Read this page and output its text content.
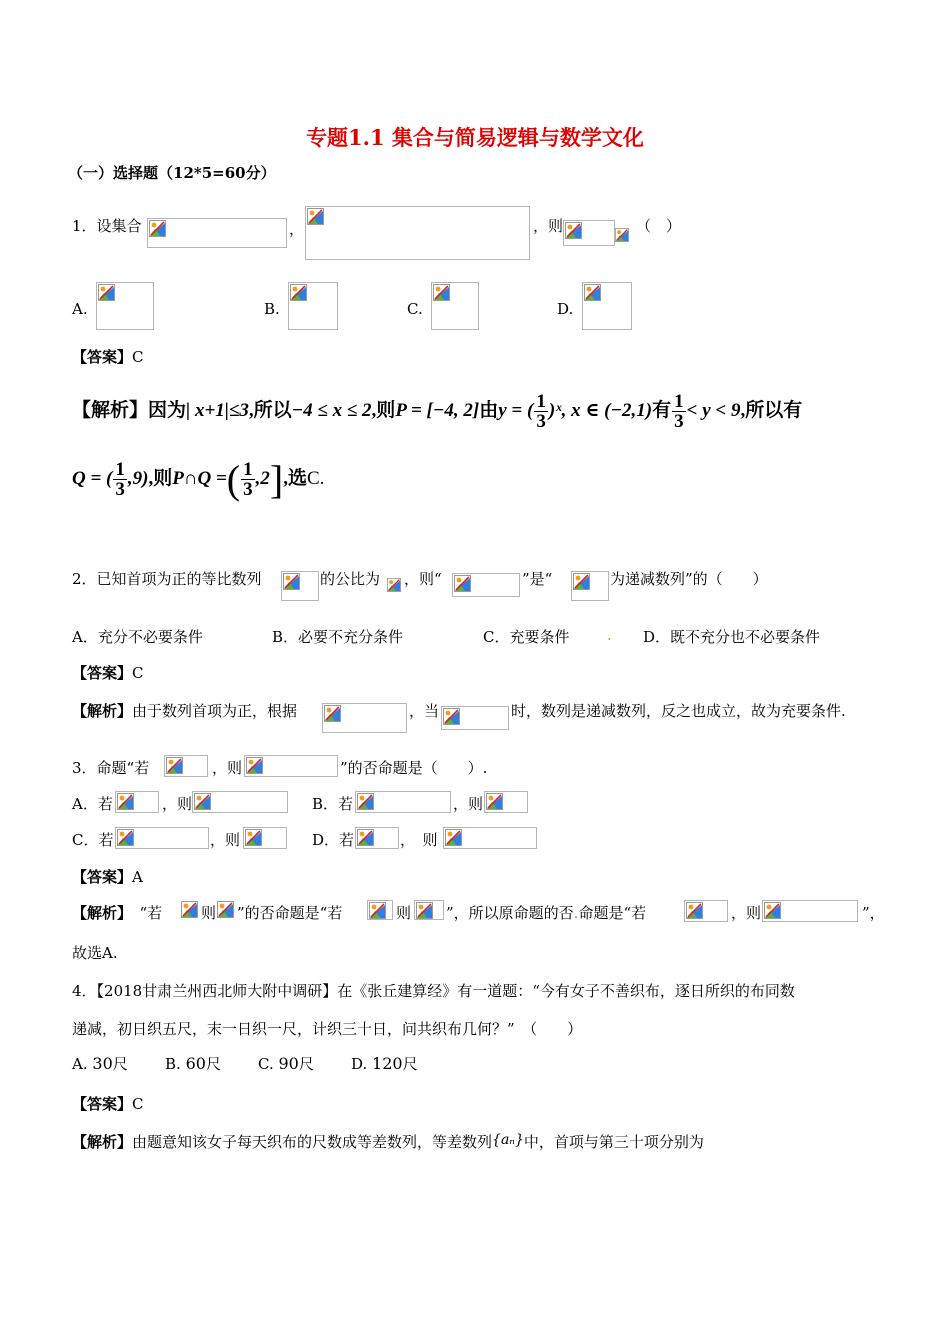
专题1.1 集合与简易逻辑与数学文化
（一）选择题（12*5=60分）
1．设集合	，	，则	（　）
A.	B.	C.	D.
【答案】C
【解析】因为| x+1|≤3,所以−4 ≤ x ≤ 2,则P = [−4, 2]由y = ( $\frac{1}{3}$ )ˣ, x ∈ (−2,1)有 $\frac{1}{3} < y < 9$,所以有
Q = ( $\frac{1}{3} ,9$),则P∩Q =( $\frac{1}{3} ,2$],选C.
2．已知首项为正的等比数列	的公比为 ，则“	”是“	为递减数列”的（　　）
A．充分不必要条件	B．必要不充分条件	C．充要条件	. D．既不充分也不必要条件
【答案】C
【解析】由于数列首项为正，根据	，当	时，数列是递减数列，反之也成立，故为充要条件.
3．命题“若	，则	”的否命题是（　　）.
A．若	，则	B．若	，则
C．若	，则	D．若	，　则
【答案】A
【解析】　“若	则 ”的否命题是“若	则 ”，所以原命题的否.命题是“若	，则	”，
故选A.
4．【2018甘肃兰州西北师大附中调研】在《张丘建算经》有一道题：“今有女子不善织布，逐日所织的布同数
递减，初日织五尺，末一日织一尺，计织三十日，问共织布几何？”　（　　）
A. 30尺 B. 60尺 C. 90尺 D. 120尺
【答案】C
【解析】由题意知该女子每天织布的尺数成等差数列，等差数列{aₙ}中，首项与第三十项分别为
